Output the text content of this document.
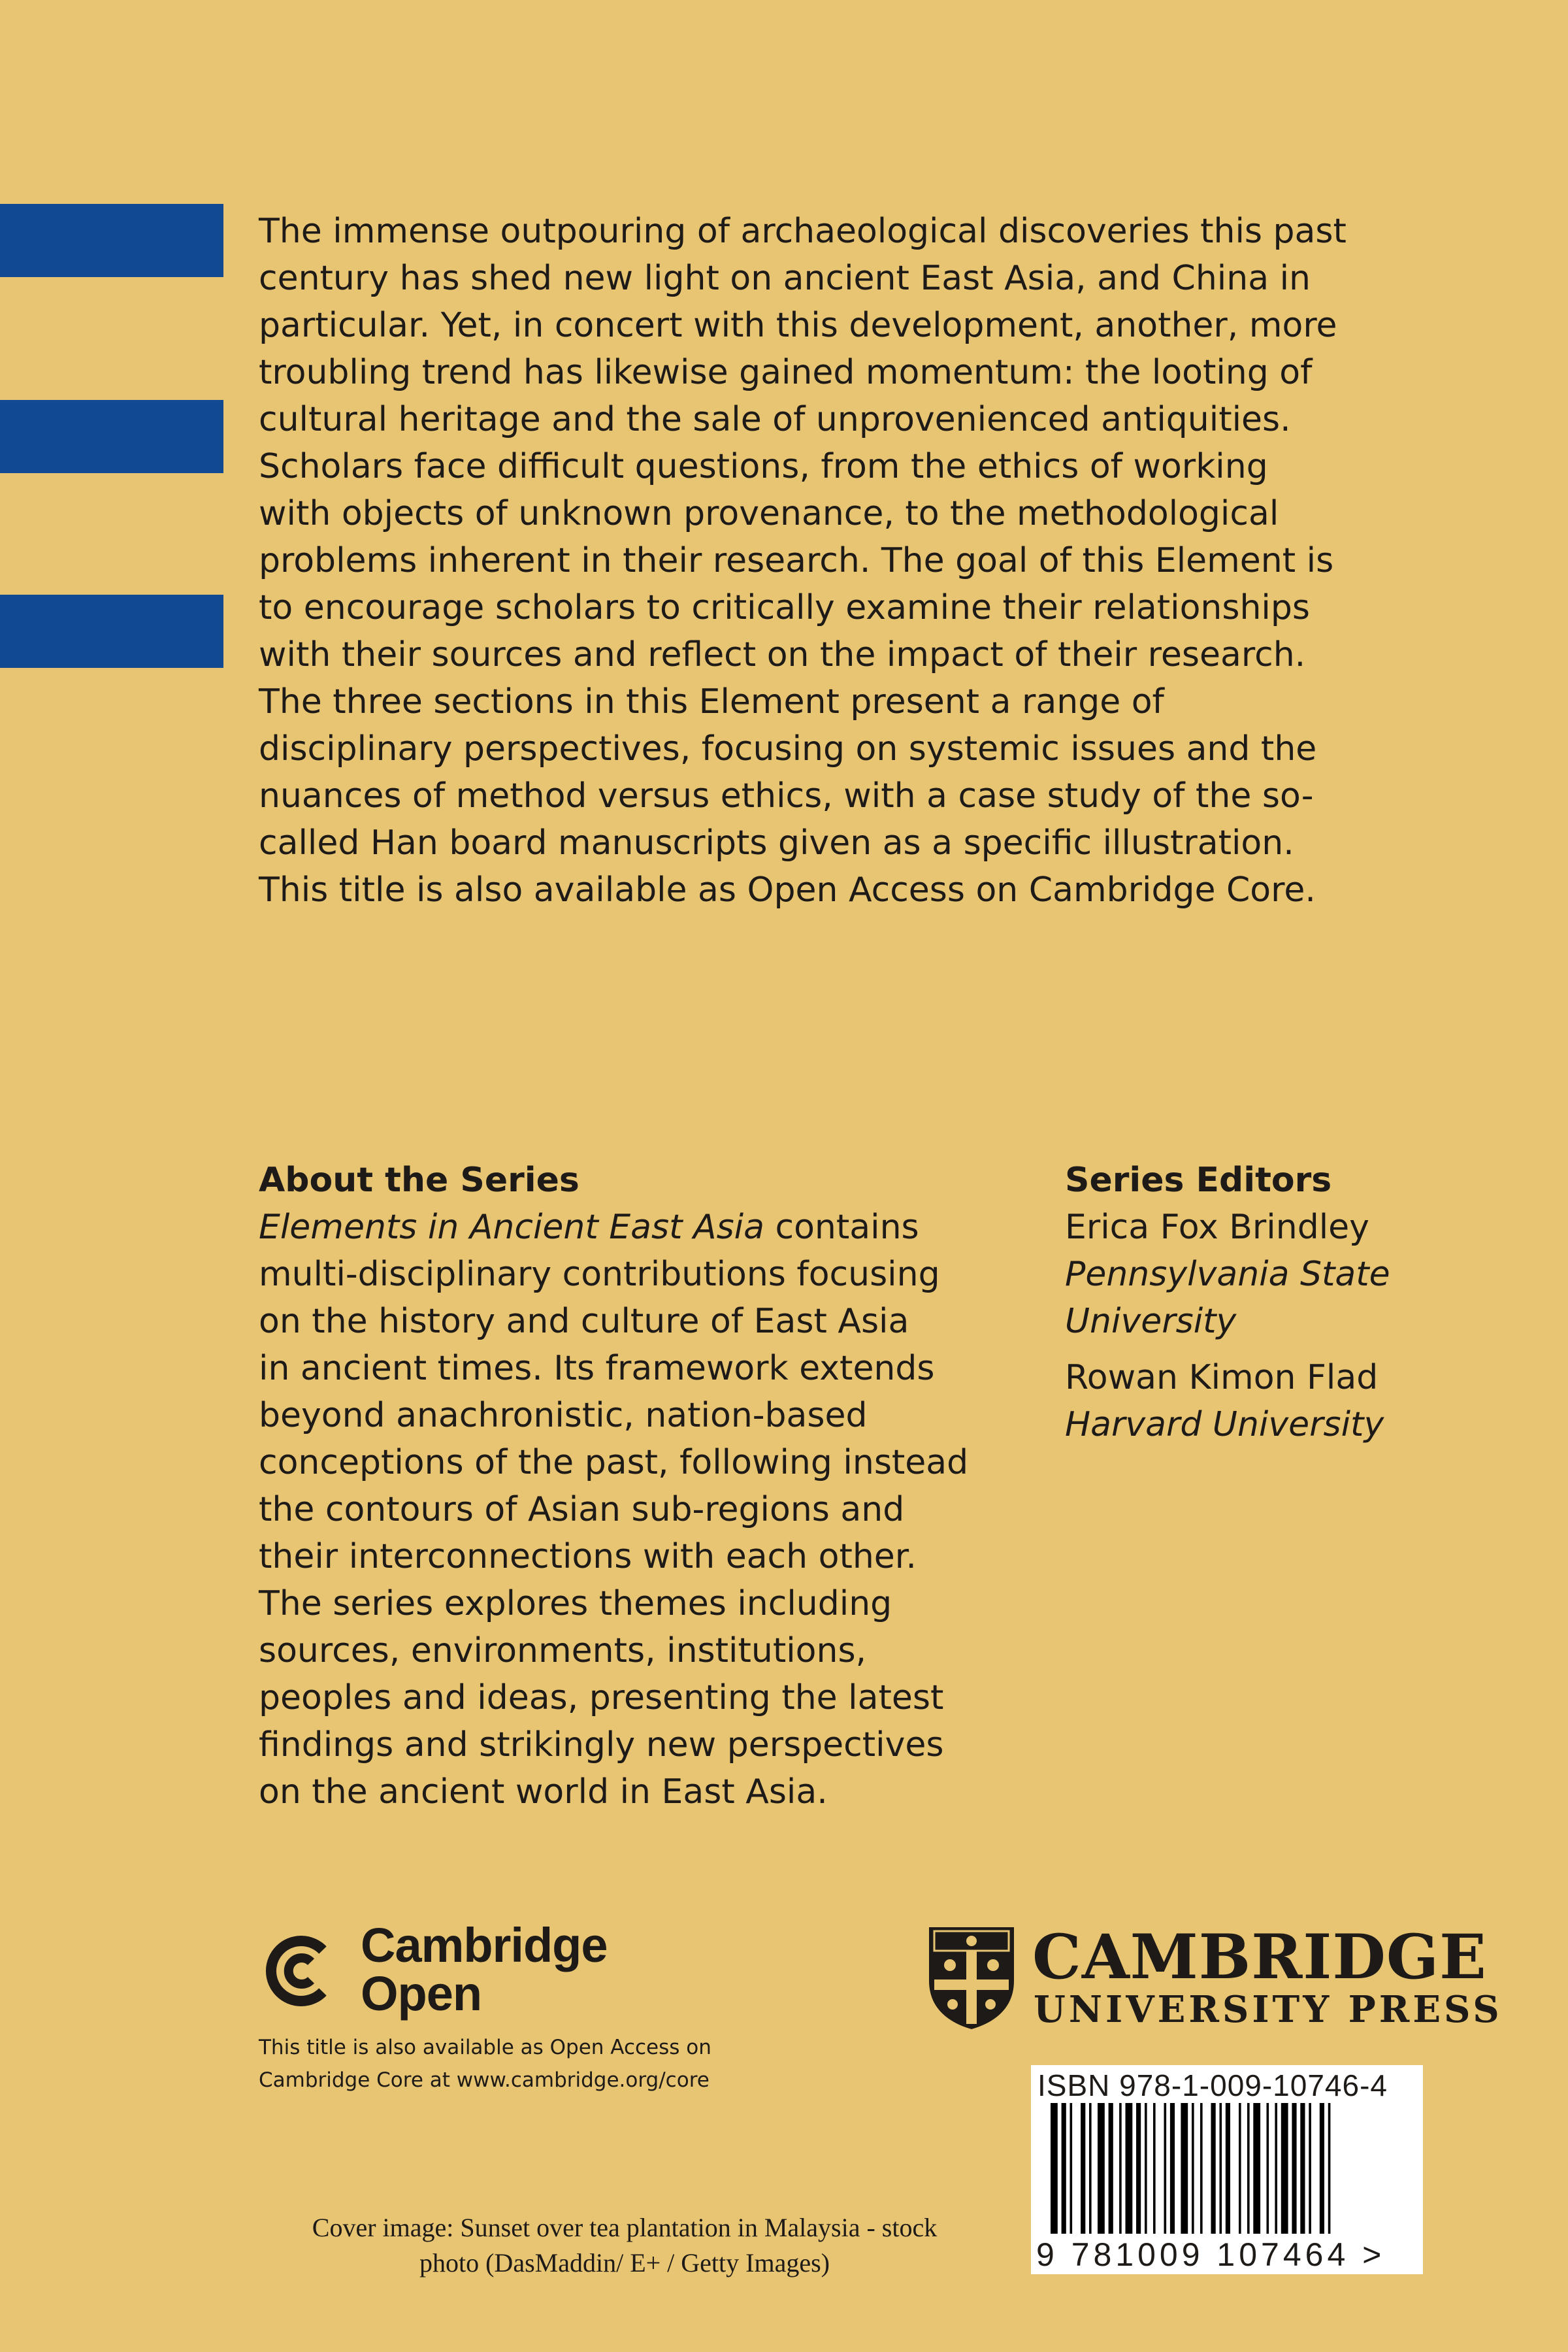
The immense outpouring of archaeological discoveries this past
century has shed new light on ancient East Asia, and China in
particular. Yet, in concert with this development, another, more
troubling trend has likewise gained momentum: the looting of
cultural heritage and the sale of unprovenienced antiquities.
Scholars face difficult questions, from the ethics of working
with objects of unknown provenance, to the methodological
problems inherent in their research. The goal of this Element is
to encourage scholars to critically examine their relationships
with their sources and reflect on the impact of their research.
The three sections in this Element present a range of
disciplinary perspectives, focusing on systemic issues and the
nuances of method versus ethics, with a case study of the so-
called Han board manuscripts given as a specific illustration.
This title is also available as Open Access on Cambridge Core.
About the Series
Elements in Ancient East Asia contains
multi-disciplinary contributions focusing
on the history and culture of East Asia
in ancient times. Its framework extends
beyond anachronistic, nation-based
conceptions of the past, following instead
the contours of Asian sub-regions and
their interconnections with each other.
The series explores themes including
sources, environments, institutions,
peoples and ideas, presenting the latest
findings and strikingly new perspectives
on the ancient world in East Asia.
Series Editors
Erica Fox Brindley
Pennsylvania State
University
Rowan Kimon Flad
Harvard University
Cambridge
Open
This title is also available as Open Access on
Cambridge Core at www.cambridge.org/core
CAMBRIDGE
UNIVERSITY PRESS
ISBN 978-1-009-10746-4
9 781009 107464 >
Cover image: Sunset over tea plantation in Malaysia - stock
photo (DasMaddin/ E+ / Getty Images)
